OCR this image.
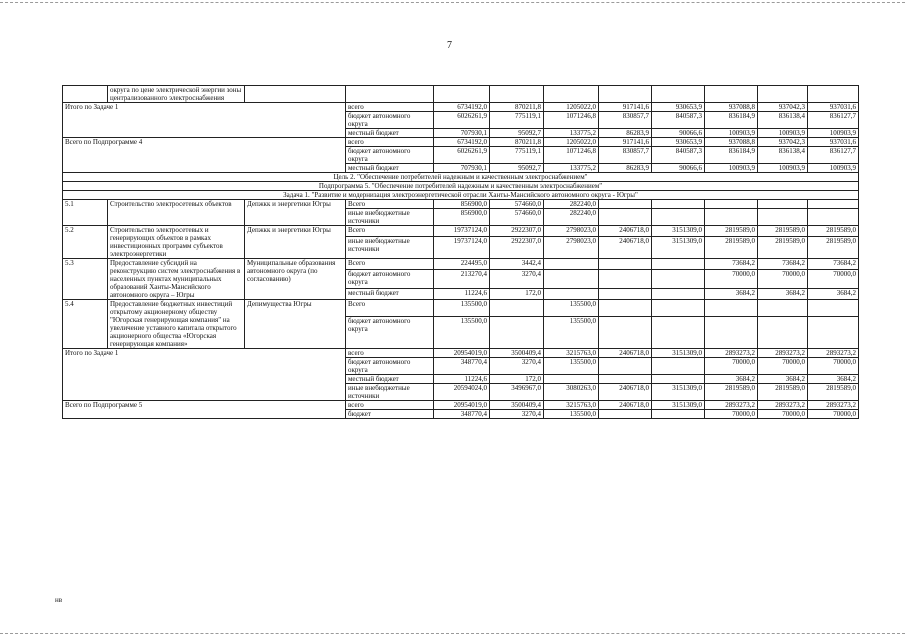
7
	округа по цене электрической энергии зоны централизованного электроснабжения											
Итого по Задаче 1			всего	6734192,0	870211,8	1205022,0	917141,6	930653,9	937088,8	937042,3	937031,6	
			бюджет автономного округа	6026261,9	775119,1	1071246,8	830857,7	840587,3	836184,9	836138,4	836127,7	
			местный бюджет	707930,1	95092,7	133775,2	86283,9	90066,6	100903,9	100903,9	100903,9	
Всего по Подпрограмме 4			всего	6734192,0	870211,8	1205022,0	917141,6	930653,9	937088,8	937042,3	937031,6	
			бюджет автономного округа	6026261,9	775119,1	1071246,8	830857,7	840587,3	836184,9	836138,4	836127,7	
			местный бюджет	707930,1	95092,7	133775,2	86283,9	90066,6	100903,9	100903,9	100903,9	
Цель 2. "Обеспечение потребителей надежным и качественным электроснабжением"												
Подпрограмма 5. "Обеспечение потребителей надежным и качественным электроснабжением"												
Задача 1. "Развитие и модернизация электроэнергетической отрасли Ханты-Мансийского автономного округа - Югры"												
5.1	Строительство электросетевых объектов	Депжкк и энергетики Югры	Всего	856900,0	574660,0	282240,0						
			иные внебюджетные источники	856900,0	574660,0	282240,0						
5.2	Строительство электросетевых и генерирующих объектов в рамках инвестиционных программ субъектов электроэнергетики	Депжкк и энергетики Югры	Всего	19737124,0	2922307,0	2798023,0	2406718,0	3151309,0	2819589,0	2819589,0	2819589,0	
			иные внебюджетные источники	19737124,0	2922307,0	2798023,0	2406718,0	3151309,0	2819589,0	2819589,0	2819589,0	
5.3	Предоставление субсидий на реконструкцию систем электроснабжения в населенных пунктах муниципальных образований Ханты-Мансийского автономного округа – Югры	Муниципальные образования автономного округа (по согласованию)	Всего	224495,0	3442,4				73684,2	73684,2	73684,2	
			бюджет автономного округа	213270,4	3270,4				70000,0	70000,0	70000,0	
			местный бюджет	11224,6	172,0				3684,2	3684,2	3684,2	
5.4	Предоставление бюджетных инвестиций открытому акционерному обществу "Югорская генерирующая компания" на увеличение уставного капитала открытого акционерного общества «Югорская генерирующая компания»	Депимущества Югры	Всего	135500,0		135500,0						
			бюджет автономного округа	135500,0		135500,0						
Итого по Задаче 1			всего	20954019,0	3500409,4	3215763,0	2406718,0	3151309,0	2893273,2	2893273,2	2893273,2	
			бюджет автономного округа	348770,4	3270,4	135500,0			70000,0	70000,0	70000,0	
			местный бюджет	11224,6	172,0				3684,2	3684,2	3684,2	
			иные внебюджетные источники	20594024,0	3496967,0	3080263,0	2406718,0	3151309,0	2819589,0	2819589,0	2819589,0	
Всего по Подпрограмме 5			всего	20954019,0	3500409,4	3215763,0	2406718,0	3151309,0	2893273,2	2893273,2	2893273,2	
			бюджет	348770,4	3270,4	135500,0			70000,0	70000,0	70000,0	
нв
